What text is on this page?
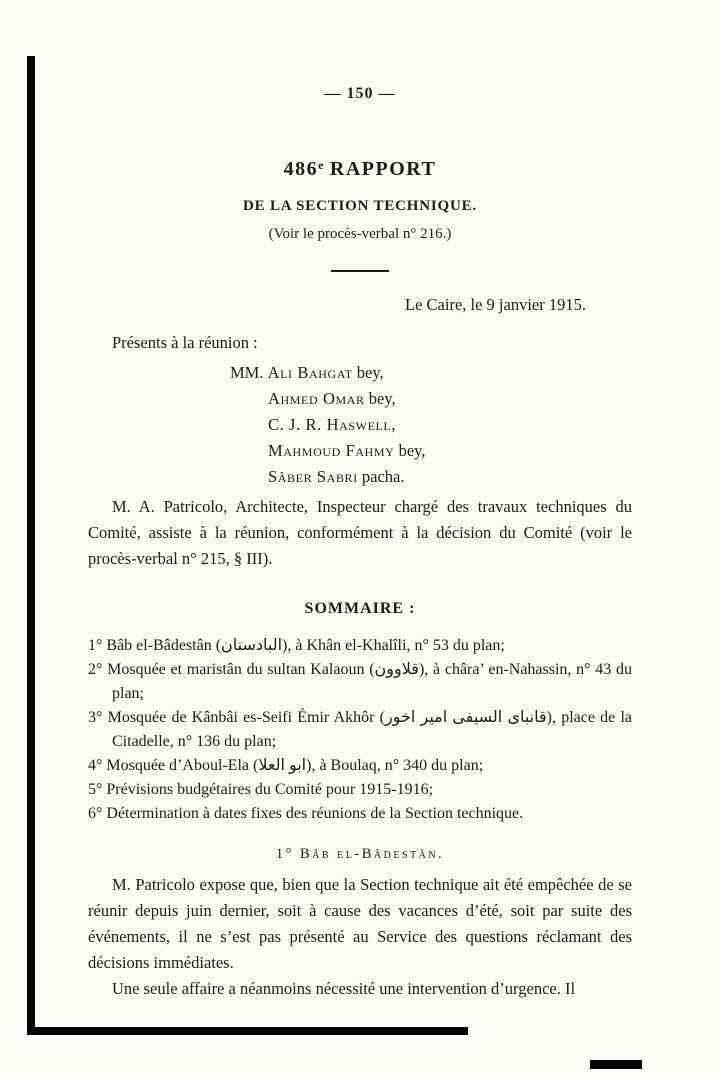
— 150 —
486e RAPPORT
DE LA SECTION TECHNIQUE.
(Voir le procès-verbal n° 216.)
Le Caire, le 9 janvier 1915.
Présents à la réunion :
MM. Ali Bahgat bey,
Ahmed Omar bey,
C. J. R. Haswell,
Mahmoud Fahmy bey,
Sâber Sabri pacha.
M. A. Patricolo, Architecte, Inspecteur chargé des travaux techniques du Comité, assiste à la réunion, conformément à la décision du Comité (voir le procès-verbal n° 215, § III).
SOMMAIRE :
1° Bâb el-Bâdestân (البادستان), à Khân el-Khalîli, n° 53 du plan;
2° Mosquée et maristân du sultan Kalaoun (قلاوون), à châra’ en-Nahassin, n° 43 du plan;
3° Mosquée de Kânbâi es-Seifi Émir Akhôr (قانباى السيفى امير اخور), place de la Citadelle, n° 136 du plan;
4° Mosquée d’Aboul-Ela (ابو العلا), à Boulaq, n° 340 du plan;
5° Prévisions budgétaires du Comité pour 1915-1916;
6° Détermination à dates fixes des réunions de la Section technique.
1° Bâb el-Bâdestân.
M. Patricolo expose que, bien que la Section technique ait été empêchée de se réunir depuis juin dernier, soit à cause des vacances d’été, soit par suite des événements, il ne s’est pas présenté au Service des questions réclamant des décisions immédiates.
Une seule affaire a néanmoins nécessité une intervention d’urgence. Il
